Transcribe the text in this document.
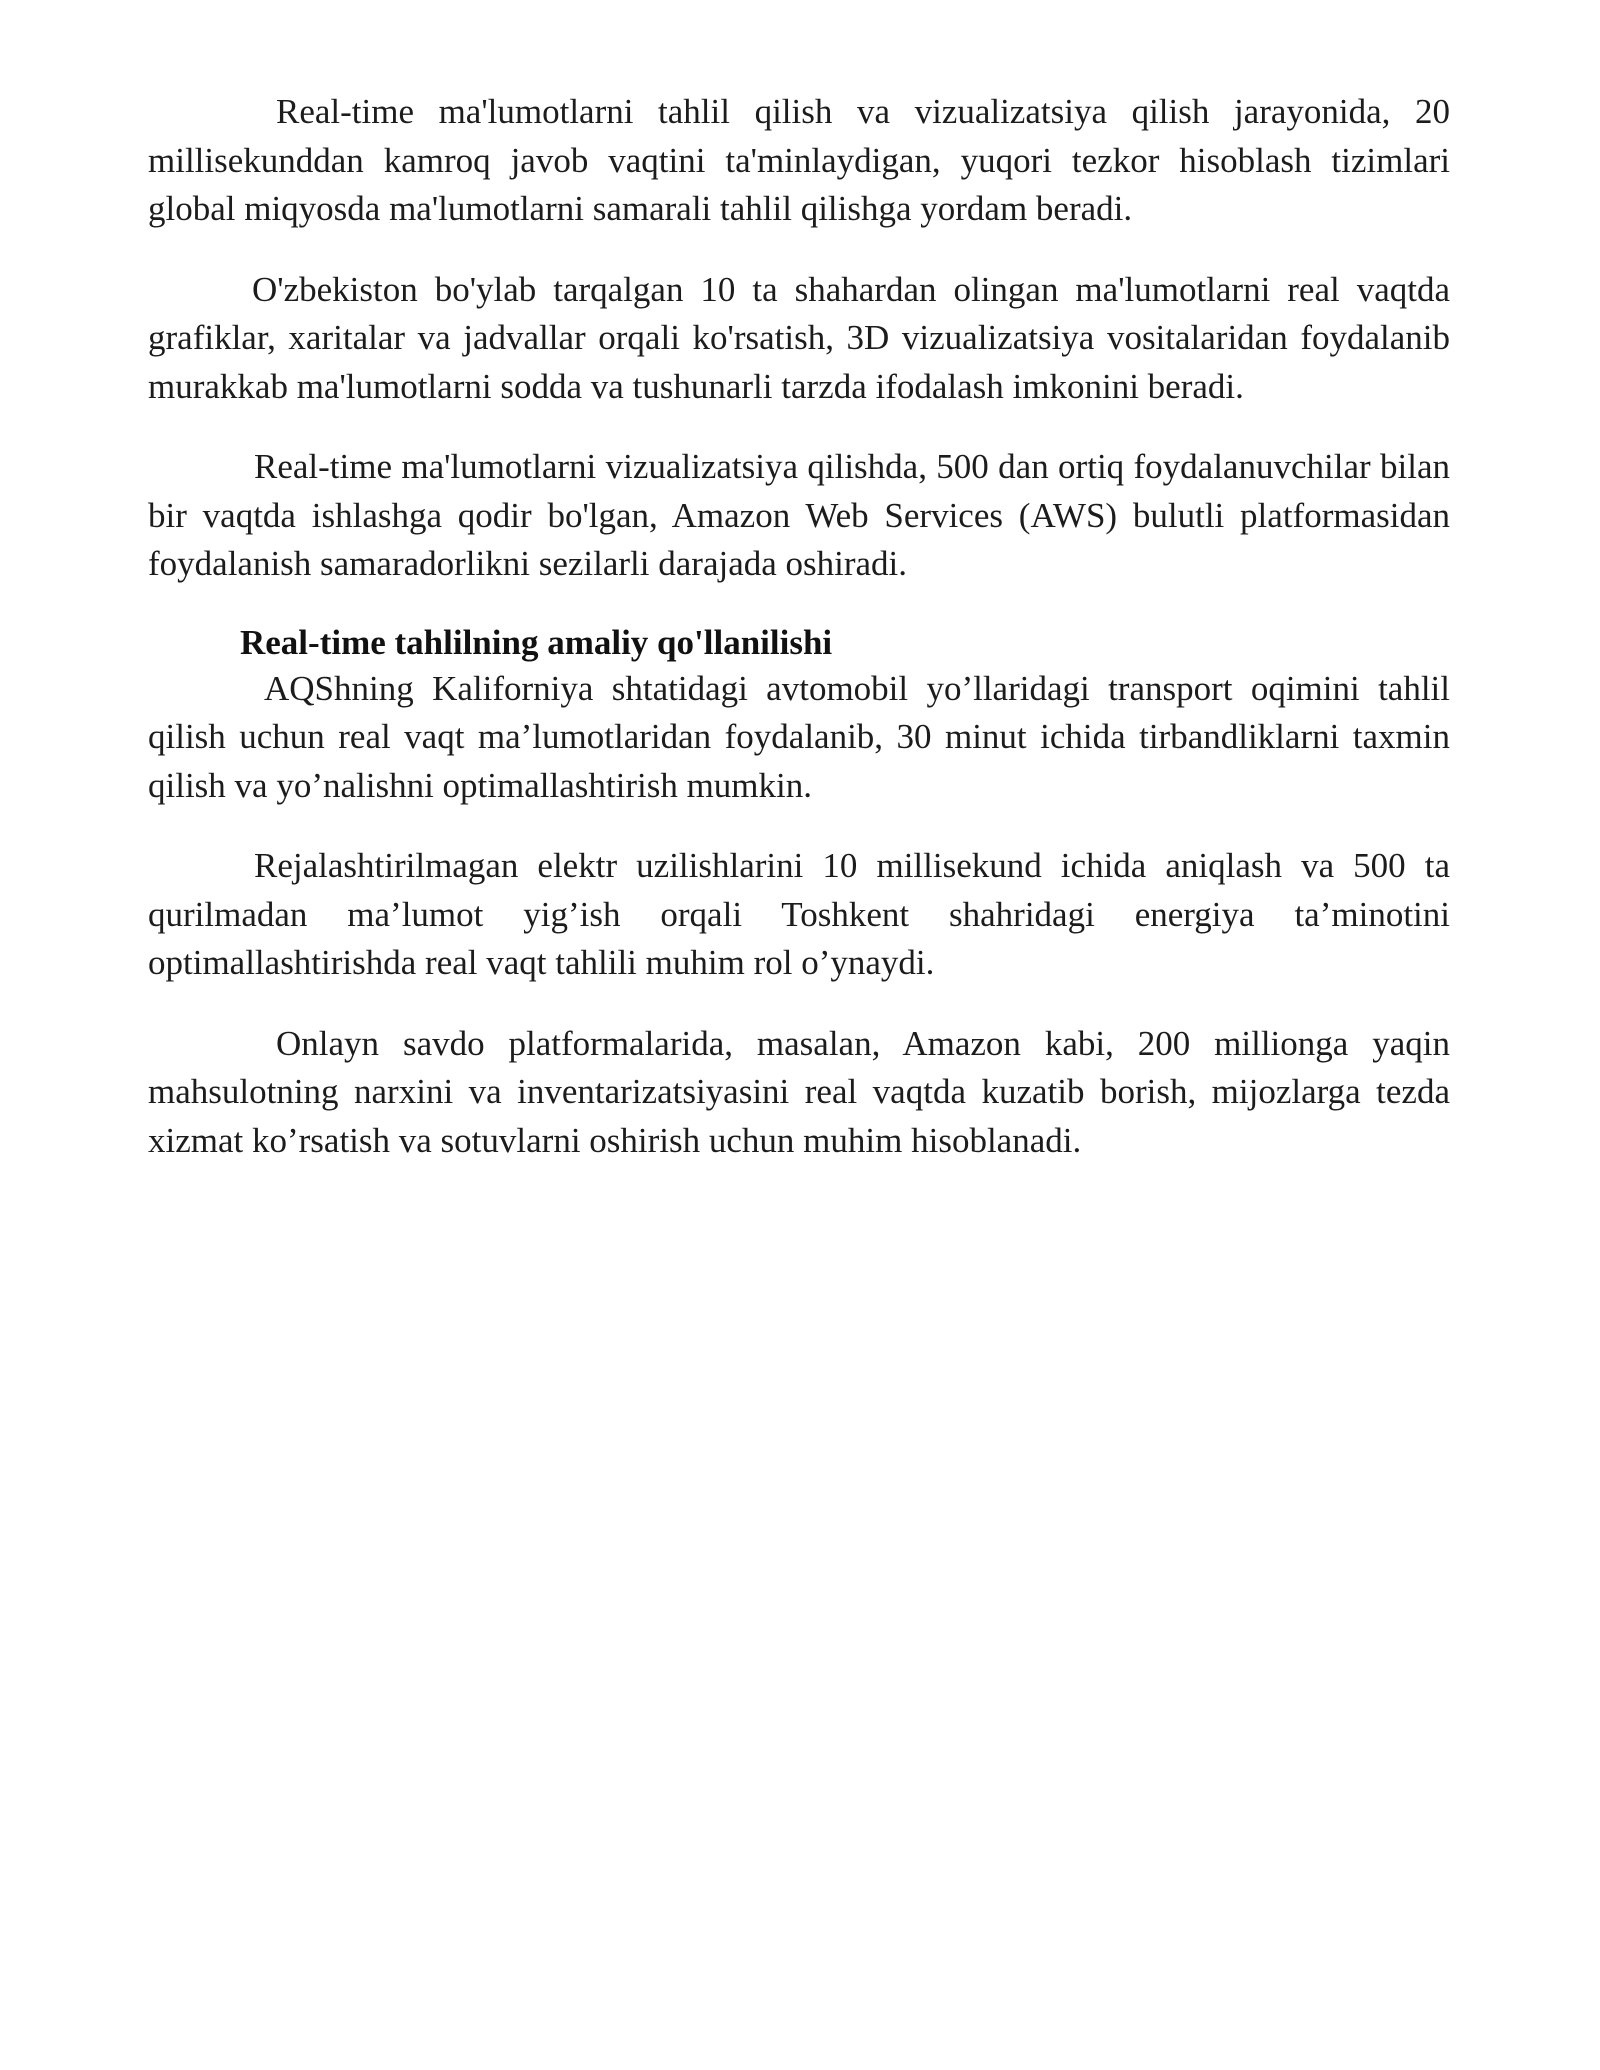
Real-time ma'lumotlarni tahlil qilish va vizualizatsiya qilish jarayonida, 20 millisekunddan kamroq javob vaqtini ta'minlaydigan, yuqori tezkor hisoblash tizimlari global miqyosda ma'lumotlarni samarali tahlil qilishga yordam beradi.

O'zbekiston bo'ylab tarqalgan 10 ta shahardan olingan ma'lumotlarni real vaqtda grafiklar, xaritalar va jadvallar orqali ko'rsatish, 3D vizualizatsiya vositalaridan foydalanib murakkab ma'lumotlarni sodda va tushunarli tarzda ifodalash imkonini beradi.

Real-time ma'lumotlarni vizualizatsiya qilishda, 500 dan ortiq foydalanuvchilar bilan bir vaqtda ishlashga qodir bo'lgan, Amazon Web Services (AWS) bulutli platformasidan foydalanish samaradorlikni sezilarli darajada oshiradi.

Real-time tahlilning amaliy qo'llanilishi

AQShning Kaliforniya shtatidagi avtomobil yo’llaridagi transport oqimini tahlil qilish uchun real vaqt ma’lumotlaridan foydalanib, 30 minut ichida tirbandliklarni taxmin qilish va yo’nalishni optimallashtirish mumkin.

Rejalashtirilmagan elektr uzilishlarini 10 millisekund ichida aniqlash va 500 ta qurilmadan ma’lumot yig’ish orqali Toshkent shahridagi energiya ta’minotini optimallashtirishda real vaqt tahlili muhim rol o’ynaydi.

Onlayn savdo platformalarida, masalan, Amazon kabi, 200 millionga yaqin mahsulotning narxini va inventarizatsiyasini real vaqtda kuzatib borish, mijozlarga tezda xizmat ko’rsatish va sotuvlarni oshirish uchun muhim hisoblanadi.
